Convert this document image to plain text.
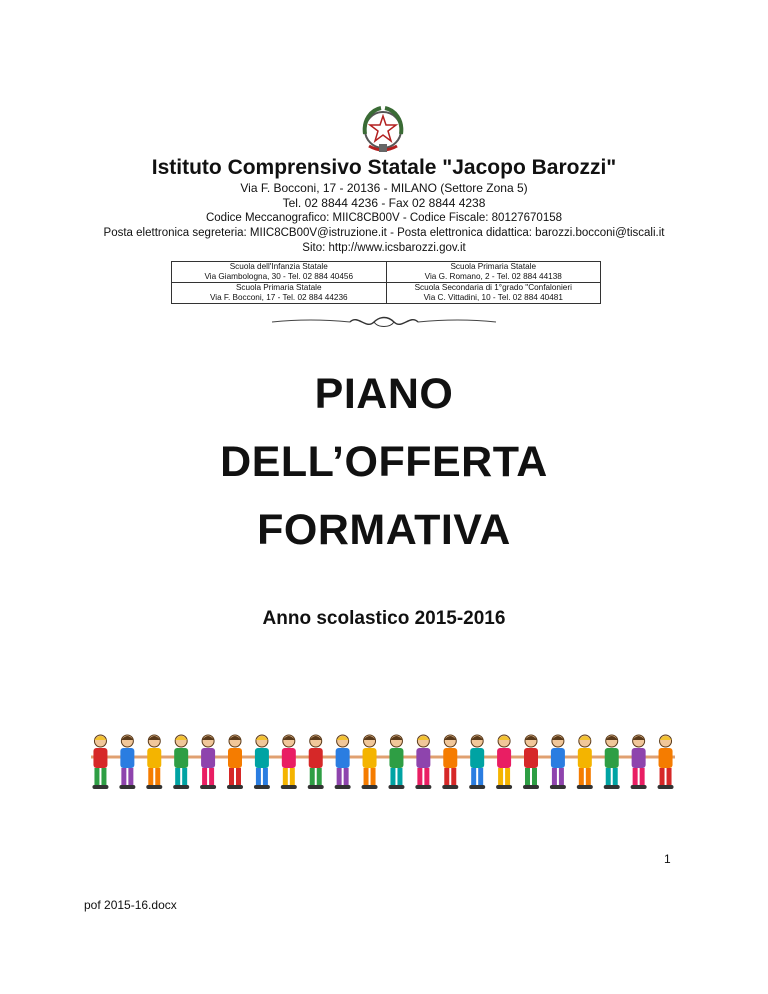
Istituto Comprensivo Statale "Jacopo Barozzi"

Via F. Bocconi, 17 - 20136 - MILANO (Settore Zona 5)

Tel. 02 8844 4236 - Fax 02 8844 4238

Codice Meccanografico: MIIC8CB00V - Codice Fiscale: 80127670158

Posta elettronica segreteria: MIIC8CB00V@istruzione.it - Posta elettronica didattica: barozzi.bocconi@tiscali.it

Sito: http://www.icsbarozzi.gov.it

Scuola dell'Infanzia Statale	Scuola Primaria Statale
Via Giambologna, 30 - Tel. 02 884 40456	Via G. Romano, 2 - Tel. 02 884 44138
Scuola Primaria Statale	Scuola Secondaria di 1°grado "Confalonieri
Via F. Bocconi, 17 - Tel. 02 884 44236	Via C. Vittadini, 10 - Tel. 02 884 40481
PIANO
DELL’OFFERTA
FORMATIVA
Anno scolastico 2015-2016
1
pof 2015-16.docx
